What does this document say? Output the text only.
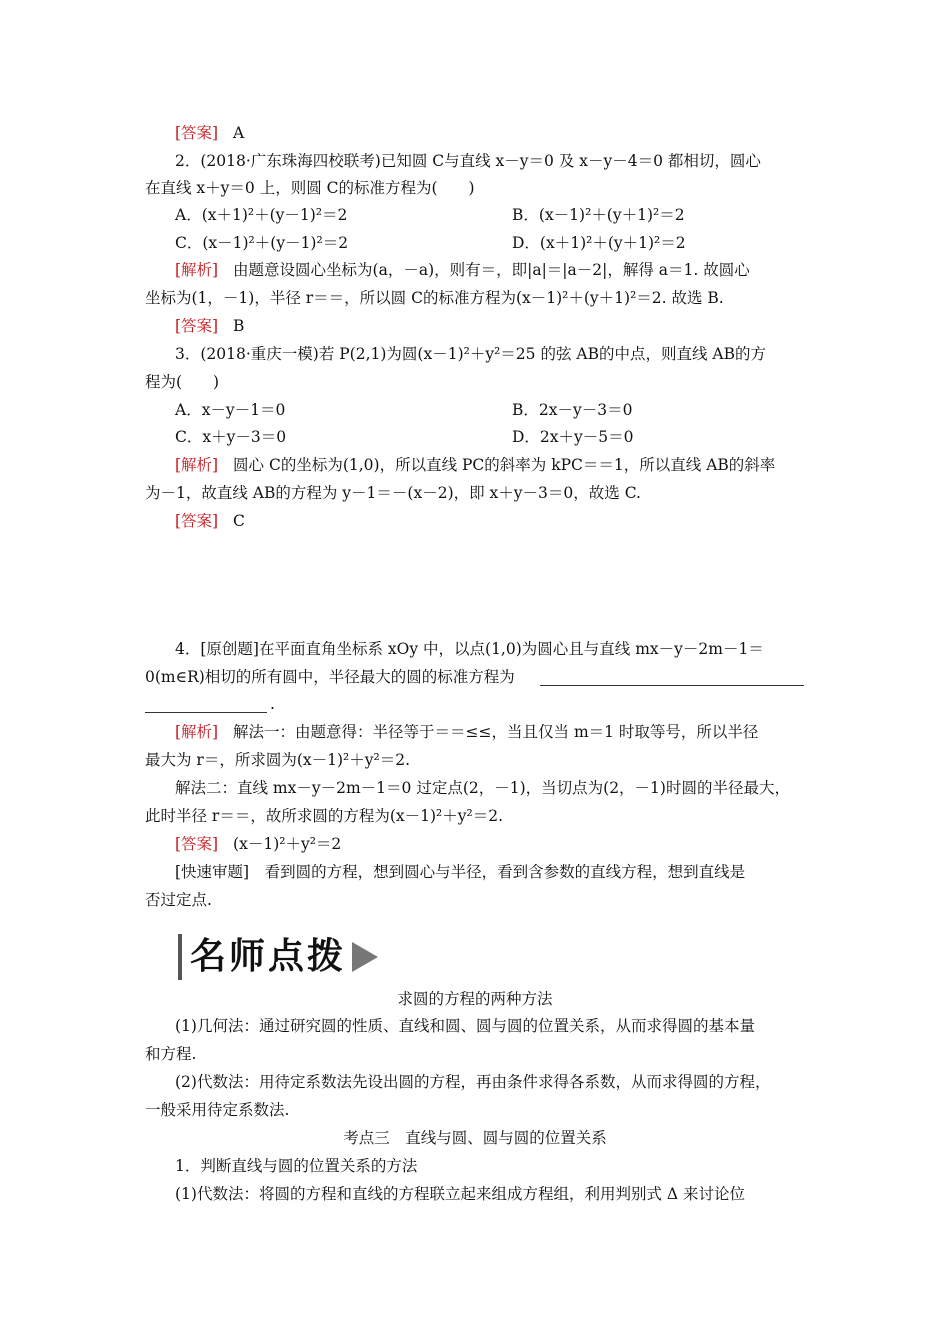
[答案] A
2．(2018·广东珠海四校联考)已知圆 C与直线 x－y＝0 及 x－y－4＝0 都相切，圆心
在直线 x＋y＝0 上，则圆 C的标准方程为(　　)
A．(x＋1)²＋(y－1)²＝2	B．(x－1)²＋(y＋1)²＝2
C．(x－1)²＋(y－1)²＝2	D．(x＋1)²＋(y＋1)²＝2
[解析] 由题意设圆心坐标为(a，－a)，则有＝，即|a|＝|a－2|，解得 a＝1. 故圆心
坐标为(1，－1)，半径 r＝＝，所以圆 C的标准方程为(x－1)²＋(y＋1)²＝2. 故选 B.
[答案] B
3．(2018·重庆一模)若 P(2,1)为圆(x－1)²＋y²＝25 的弦 AB的中点，则直线 AB的方
程为(　　)
A．x－y－1＝0	B．2x－y－3＝0
C．x＋y－3＝0	D．2x＋y－5＝0
[解析] 圆心 C的坐标为(1,0)，所以直线 PC的斜率为 kPC＝＝1，所以直线 AB的斜率
为－1，故直线 AB的方程为 y－1＝－(x－2)，即 x＋y－3＝0，故选 C.
[答案] C
4．[原创题]在平面直角坐标系 xOy 中，以点(1,0)为圆心且与直线 mx－y－2m－1＝
0(m∈R)相切的所有圆中，半径最大的圆的标准方程为
.
[解析] 解法一：由题意得：半径等于＝＝≤≤，当且仅当 m＝1 时取等号，所以半径
最大为 r＝，所求圆为(x－1)²＋y²＝2.
解法二：直线 mx－y－2m－1＝0 过定点(2，－1)，当切点为(2，－1)时圆的半径最大，
此时半径 r＝＝，故所求圆的方程为(x－1)²＋y²＝2.
[答案] (x－1)²＋y²＝2
[快速审题]　看到圆的方程，想到圆心与半径，看到含参数的直线方程，想到直线是
否过定点.
名师点拨
求圆的方程的两种方法
(1)几何法：通过研究圆的性质、直线和圆、圆与圆的位置关系，从而求得圆的基本量
和方程.
(2)代数法：用待定系数法先设出圆的方程，再由条件求得各系数，从而求得圆的方程，
一般采用待定系数法.
考点三　直线与圆、圆与圆的位置关系
1．判断直线与圆的位置关系的方法
(1)代数法：将圆的方程和直线的方程联立起来组成方程组，利用判别式 Δ 来讨论位
